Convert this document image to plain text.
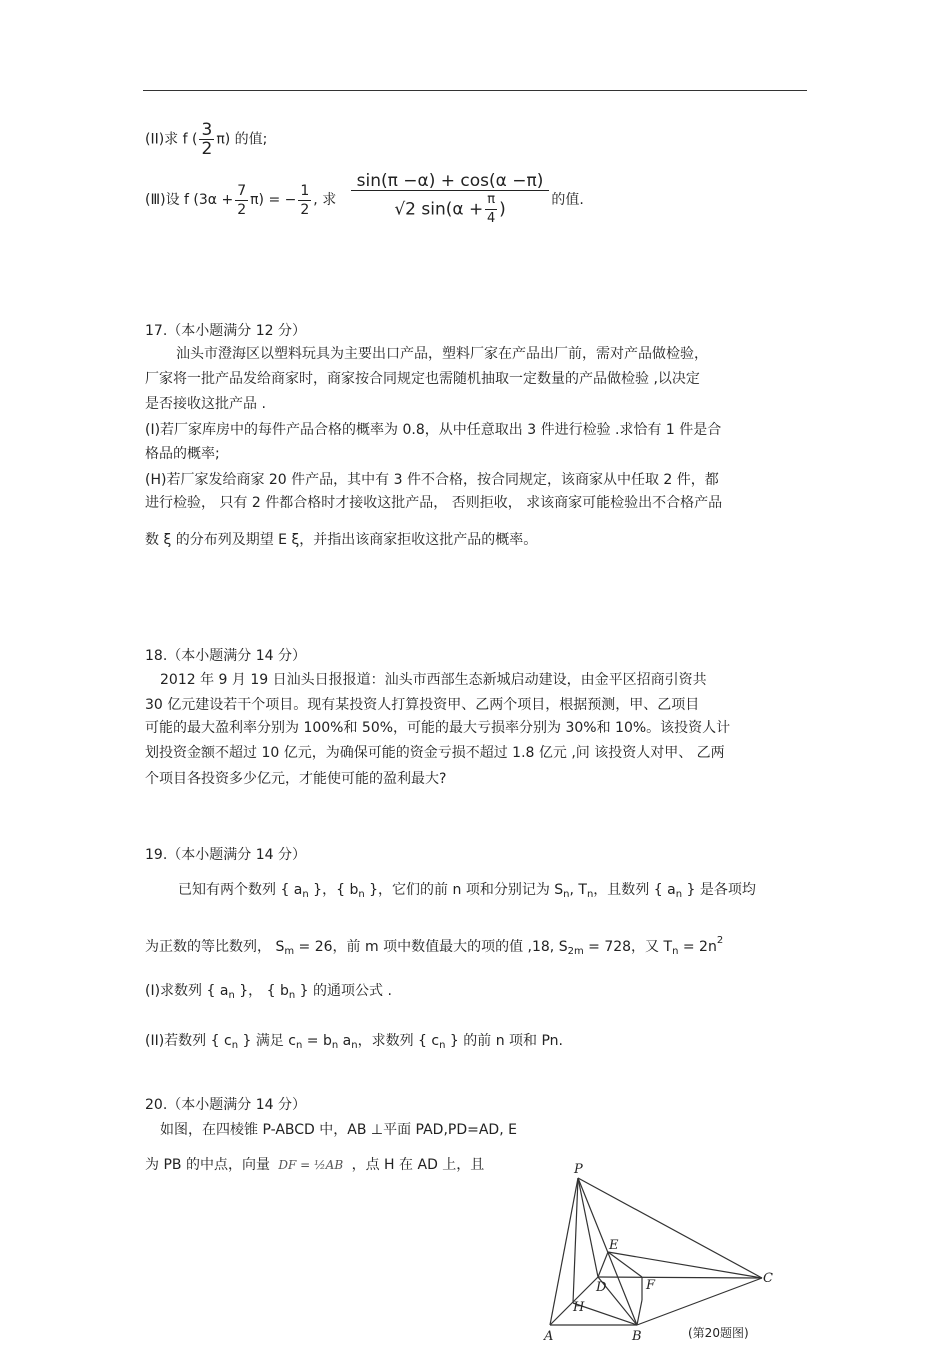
(II)求 f ( $\frac{3}{2} \pi$) 的值;
(Ⅲ)设 f $(3\alpha + \frac{7}{2} \pi)$ = − $\frac{1}{2}$ , 求 $\frac{\sin(\pi -\alpha) + \cos(\alpha -\pi)}{√2 \sin(\alpha + \frac{\pi}{4} )}$ 的值.
17.（本小题满分 12 分）
汕头市澄海区以塑料玩具为主要出口产品，塑料厂家在产品出厂前，需对产品做检验，
厂家将一批产品发给商家时，商家按合同规定也需随机抽取一定数量的产品做检验 ,以决定
是否接收这批产品 .
(I)若厂家库房中的每件产品合格的概率为 0.8，从中任意取出 3 件进行检验 .求恰有 1 件是合
格品的概率;
(H)若厂家发给商家 20 件产品，其中有 3 件不合格，按合同规定，该商家从中任取 2 件，都
进行检验， 只有 2 件都合格时才接收这批产品， 否则拒收， 求该商家可能检验出不合格产品
数 ξ 的分布列及期望 E ξ，并指出该商家拒收这批产品的概率。
18.（本小题满分 14 分）
2012 年 9 月 19 日汕头日报报道：汕头市西部生态新城启动建设，由金平区招商引资共
30 亿元建设若干个项目。现有某投资人打算投资甲、乙两个项目，根据预测，甲、乙项目
可能的最大盈利率分别为 100%和 50%，可能的最大亏损率分别为 30%和 10%。该投资人计
划投资金额不超过 10 亿元，为确保可能的资金亏损不超过 1.8 亿元 ,问 该投资人对甲、 乙两
个项目各投资多少亿元，才能使可能的盈利最大?
19.（本小题满分 14 分）
已知有两个数列 { $a_n$ }，{ $b_n$ }，它们的前 n 项和分别记为 $S_n$, $T_n$，且数列 { $a_n$ } 是各项均
为正数的等比数列， $S_m = 26$，前 m 项中数值最大的项的值 ,18, $S_{2m} = 728$，又 $T_n = 2n^2$
(I)求数列 { $a_n$ }， { $b_n$ } 的通项公式 .
(II)若数列 { $c_n$ } 满足 $c_n = b_n$ $a_n$，求数列 { $c_n$ } 的前 n 项和 Pn.
20.（本小题满分 14 分）
如图，在四棱锥 P-ABCD 中，AB ⊥平面 PAD,PD=AD, E
为 PB 的中点，向量 DF = ½AB ，点 H 在 AD 上，且	P
E
D	F	C
H
A	B	(第20题图)
